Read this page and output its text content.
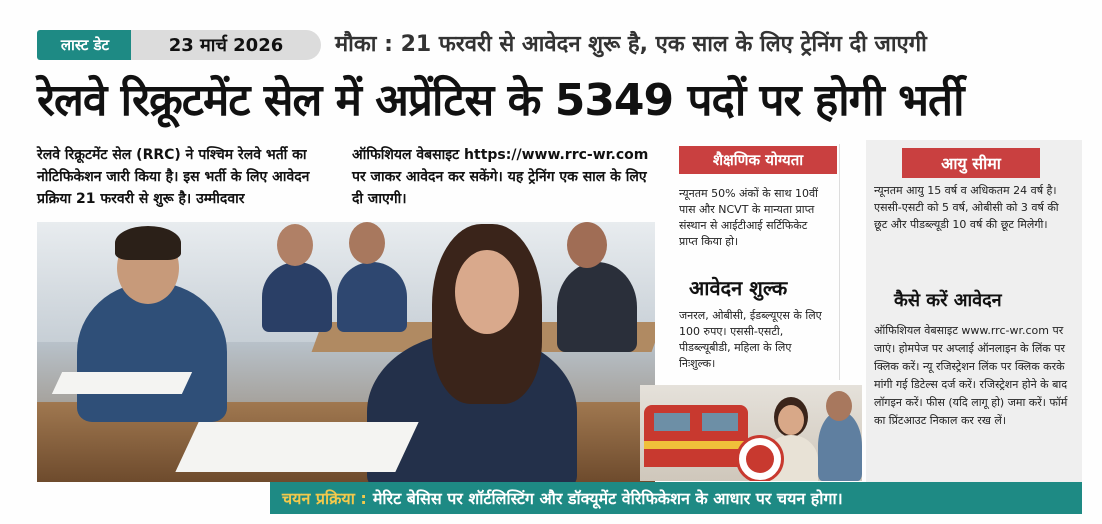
लास्ट डेट	23 मार्च 2026	मौका : 21 फरवरी से आवेदन शुरू है, एक साल के लिए ट्रेनिंग दी जाएगी
रेलवे रिक्रूटमेंट सेल में अप्रेंटिस के 5349 पदों पर होगी भर्ती
रेलवे रिक्रूटमेंट सेल (RRC) ने पश्चिम रेलवे भर्ती का नोटिफिकेशन जारी किया है। इस भर्ती के लिए आवेदन प्रक्रिया 21 फरवरी से शुरू है। उम्मीदवार
ऑफिशियल वेबसाइट https://www.rrc-wr.com पर जाकर आवेदन कर सकेंगे। यह ट्रेनिंग एक साल के लिए दी जाएगी।
शैक्षणिक योग्यता
न्यूनतम 50% अंकों के साथ 10वीं पास और NCVT के मान्यता प्राप्त संस्थान से आईटीआई सर्टिफिकेट प्राप्त किया हो।
आवेदन शुल्क
जनरल, ओबीसी, ईडब्ल्यूएस के लिए 100 रुपए। एससी-एसटी, पीडब्ल्यूबीडी, महिला के लिए निःशुल्क।
आयु सीमा
न्यूनतम आयु 15 वर्ष व अधिकतम 24 वर्ष है। एससी-एसटी को 5 वर्ष, ओबीसी को 3 वर्ष की छूट और पीडब्ल्यूडी 10 वर्ष की छूट मिलेगी।
कैसे करें आवेदन
ऑफिशियल वेबसाइट www.rrc-wr.com पर जाएं। होमपेज पर अप्लाई ऑनलाइन के लिंक पर क्लिक करें। न्यू रजिस्ट्रेशन लिंक पर क्लिक करके मांगी गई डिटेल्स दर्ज करें। रजिस्ट्रेशन होने के बाद लॉगइन करें। फीस (यदि लागू हो) जमा करें। फॉर्म का प्रिंटआउट निकाल कर रख लें।
चयन प्रक्रिया : मेरिट बेसिस पर शॉर्टलिस्टिंग और डॉक्यूमेंट वेरिफिकेशन के आधार पर चयन होगा।
